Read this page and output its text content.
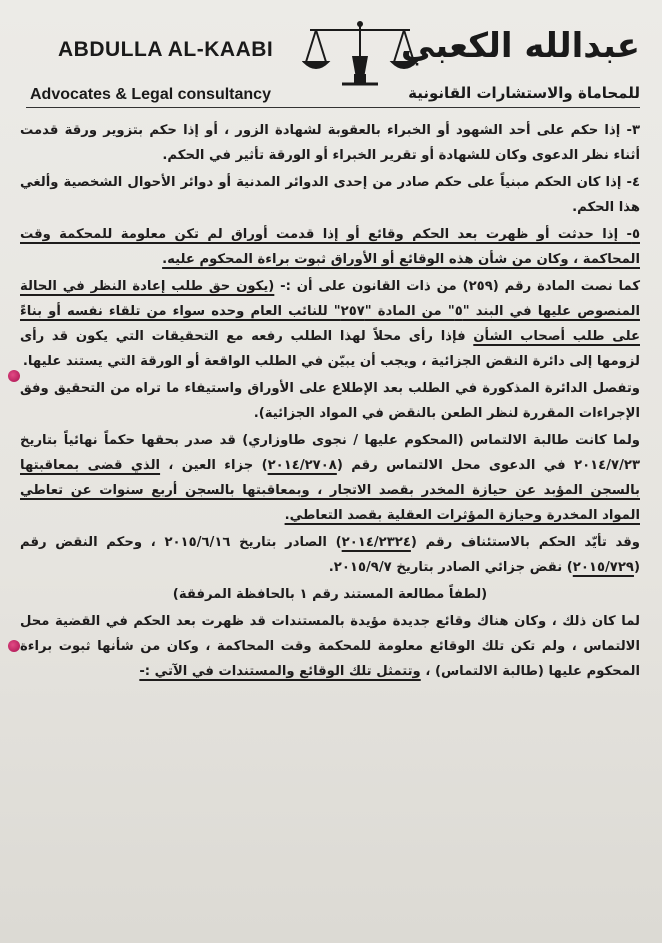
ABDULLA AL-KAABI
Advocates & Legal consultancy
عبدالله الكعبي
للمحاماة والاستشارات القانونية

٣- إذا حكم على أحد الشهود أو الخبراء بالعقوبة لشهادة الزور ، أو إذا حكم بتزوير ورقة قدمت أثناء نظر الدعوى وكان للشهادة أو تقرير الخبراء أو الورقة تأثير في الحكم.

٤- إذا كان الحكم مبنياً على حكم صادر من إحدى الدوائر المدنية أو دوائر الأحوال الشخصية وألغي هذا الحكم.

٥- إذا حدثت أو ظهرت بعد الحكم وقائع أو إذا قدمت أوراق لم تكن معلومة للمحكمة وقت المحاكمة ، وكان من شأن هذه الوقائع أو الأوراق ثبوت براءة المحكوم عليه.

كما نصت المادة رقم (٢٥٩) من ذات القانون على أن :- (يكون حق طلب إعادة النظر في الحالة المنصوص عليها في البند "٥" من المادة "٢٥٧" للنائب العام وحده سواء من تلقاء نفسه أو بناءً على طلب أصحاب الشأن فإذا رأى محلاً لهذا الطلب رفعه مع التحقيقات التي يكون قد رأى لزومها إلى دائرة النقض الجزائية ، ويجب أن يبيّن في الطلب الواقعة أو الورقة التي يستند عليها.

وتفصل الدائرة المذكورة في الطلب بعد الإطلاع على الأوراق واستيفاء ما تراه من التحقيق وفق الإجراءات المقررة لنظر الطعن بالنقض في المواد الجزائية).

ولما كانت طالبة الالتماس (المحكوم عليها / نجوى طاوزاري) قد صدر بحقها حكماً نهائياً بتاريخ ٢٠١٤/٧/٢٣ في الدعوى محل الالتماس رقم (٢٠١٤/٢٧٠٨) جزاء العين ، الذي قضى بمعاقبتها بالسجن المؤبد عن حيازة المخدر بقصد الاتجار ، وبمعاقبتها بالسجن أربع سنوات عن تعاطي المواد المخدرة وحيازة المؤثرات العقلية بقصد التعاطي.

وقد تأيّد الحكم بالاستئناف رقم (٢٠١٤/٢٣٢٤) الصادر بتاريخ ٢٠١٥/٦/١٦ ، وحكم النقض رقم (٢٠١٥/٧٢٩) نقض جزائي الصادر بتاريخ ٢٠١٥/٩/٧.

(لطفاً مطالعة المستند رقم ١ بالحافظة المرفقة)

لما كان ذلك ، وكان هناك وقائع جديدة مؤيدة بالمستندات قد ظهرت بعد الحكم في القضية محل الالتماس ، ولم تكن تلك الوقائع معلومة للمحكمة وقت المحاكمة ، وكان من شأنها ثبوت براءة المحكوم عليها (طالبة الالتماس) ، وتتمثل تلك الوقائع والمستندات في الآتي :-
